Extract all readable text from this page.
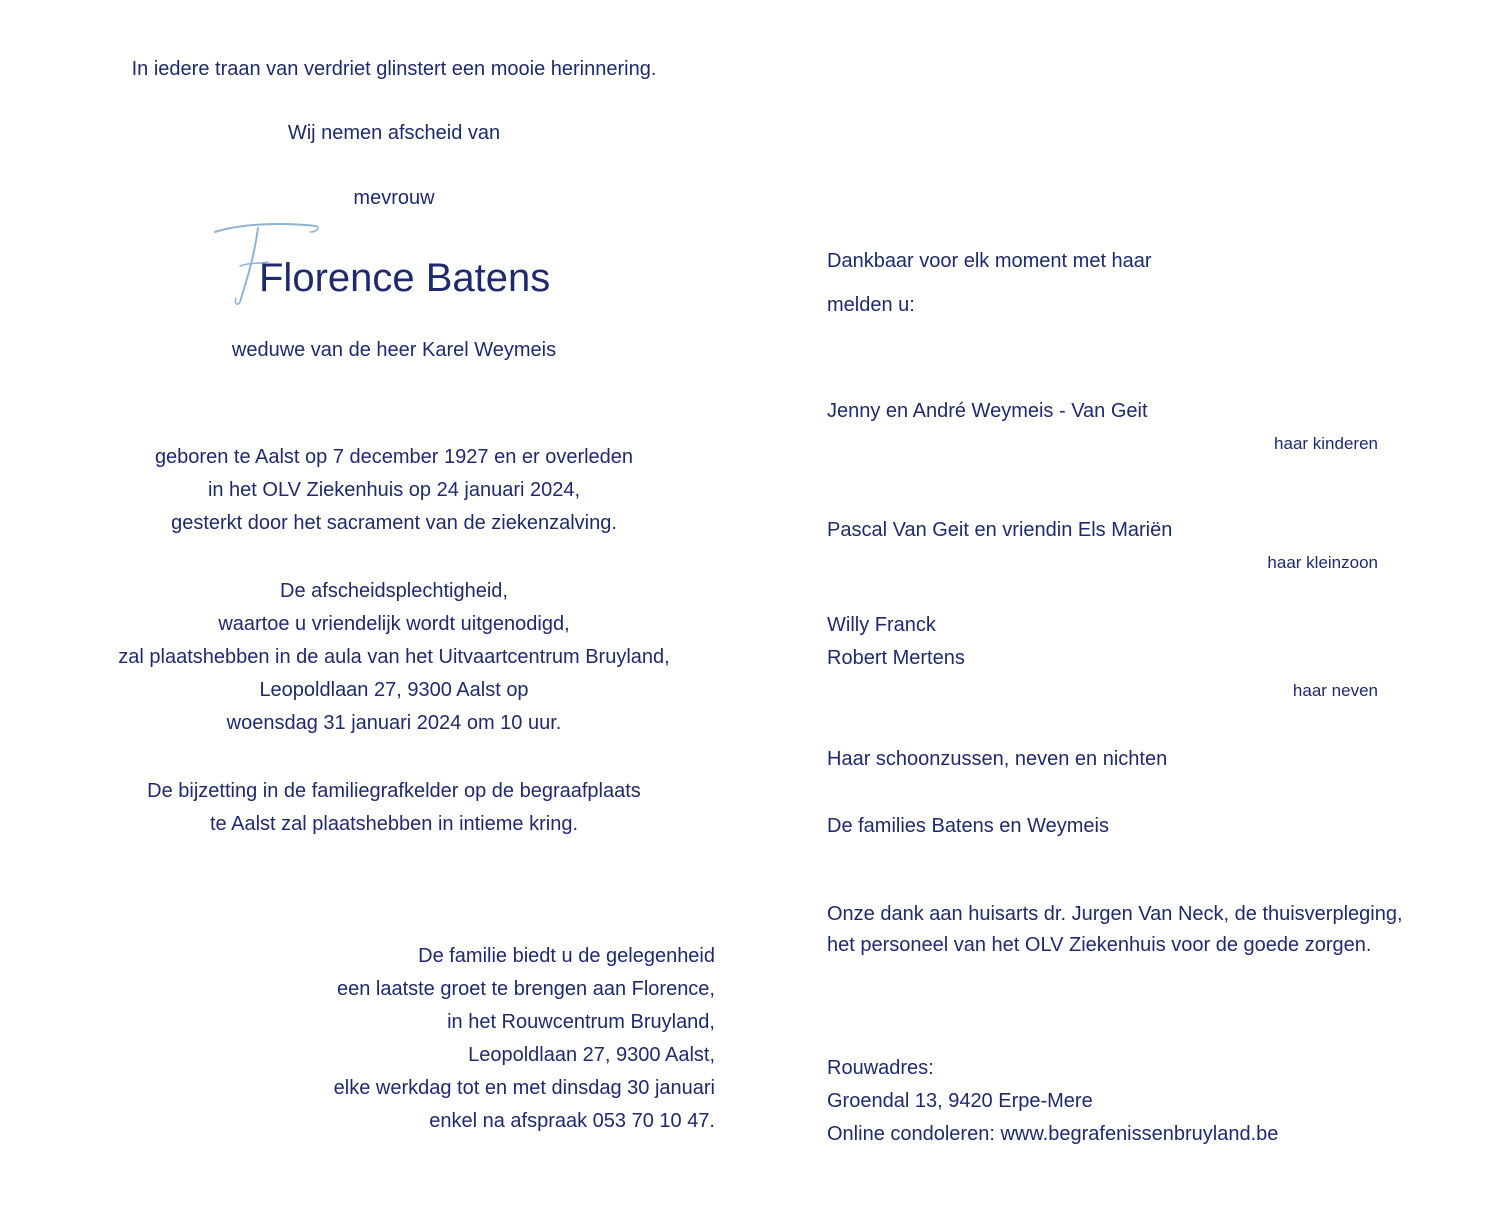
In iedere traan van verdriet glinstert een mooie herinnering.
Wij nemen afscheid van
mevrouw
Florence Batens
weduwe van de heer Karel Weymeis
geboren te Aalst op 7 december 1927 en er overleden
in het OLV Ziekenhuis op 24 januari 2024,
gesterkt door het sacrament van de ziekenzalving.
De afscheidsplechtigheid,
waartoe u vriendelijk wordt uitgenodigd,
zal plaatshebben in de aula van het Uitvaartcentrum Bruyland,
Leopoldlaan 27, 9300 Aalst op
woensdag 31 januari 2024 om 10 uur.
De bijzetting in de familiegrafkelder op de begraafplaats
te Aalst zal plaatshebben in intieme kring.
De familie biedt u de gelegenheid
een laatste groet te brengen aan Florence,
in het Rouwcentrum Bruyland,
Leopoldlaan 27, 9300 Aalst,
elke werkdag tot en met dinsdag 30 januari
enkel na afspraak 053 70 10 47.
Dankbaar voor elk moment met haar
melden u:
Jenny en André Weymeis - Van Geit
haar kinderen
Pascal Van Geit en vriendin Els Mariën
haar kleinzoon
Willy Franck
Robert Mertens
haar neven
Haar schoonzussen, neven en nichten
De families Batens en Weymeis
Onze dank aan huisarts dr. Jurgen Van Neck, de thuisverpleging,
het personeel van het OLV Ziekenhuis voor de goede zorgen.
Rouwadres:
Groendal 13, 9420 Erpe-Mere
Online condoleren: www.begrafenissenbruyland.be
